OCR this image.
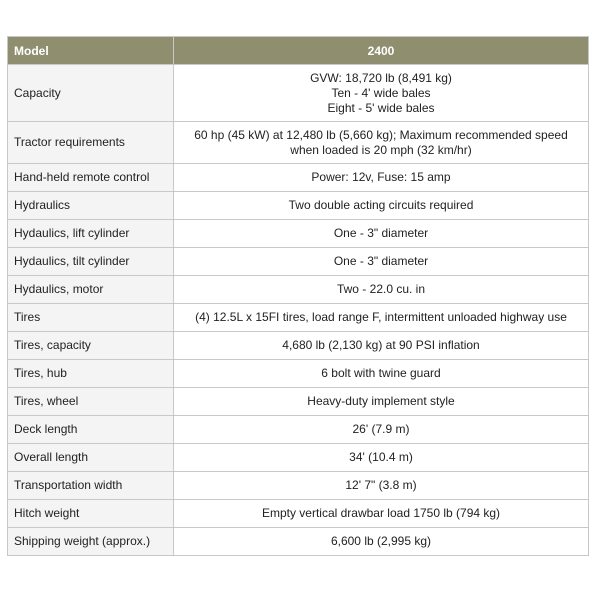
Model	2400
Capacity	GVW: 18,720 lb (8,491 kg)
Ten - 4' wide bales
Eight - 5' wide bales

Tractor requirements	60 hp (45 kW) at 12,480 lb (5,660 kg); Maximum recommended speed
when loaded is 20 mph (32 km/hr)

Hand-held remote control	Power: 12v, Fuse: 15 amp
Hydraulics	Two double acting circuits required
Hydaulics, lift cylinder	One - 3" diameter
Hydaulics, tilt cylinder	One - 3" diameter
Hydaulics, motor	Two - 22.0 cu. in
Tires	(4) 12.5L x 15FI tires, load range F, intermittent unloaded highway use
Tires, capacity	4,680 lb (2,130 kg) at 90 PSI inflation
Tires, hub	6 bolt with twine guard
Tires, wheel	Heavy-duty implement style
Deck length	26' (7.9 m)
Overall length	34' (10.4 m)
Transportation width	12' 7" (3.8 m)
Hitch weight	Empty vertical drawbar load 1750 lb (794 kg)
Shipping weight (approx.)	6,600 lb (2,995 kg)
